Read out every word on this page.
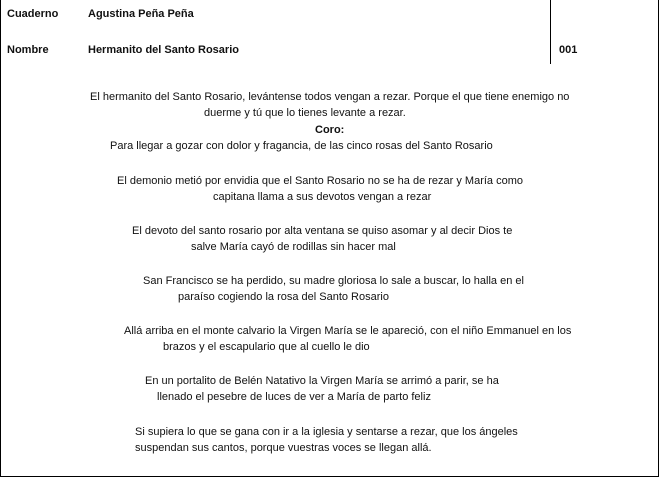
Cuaderno	Agustina Peña Peña
Nombre	Hermanito del Santo Rosario	001
El hermanito del Santo Rosario, levántense todos vengan a rezar. Porque el que tiene enemigo no
duerme y tú que lo tienes levante a rezar.
Coro:
Para llegar a gozar con dolor y fragancia, de las cinco rosas del Santo Rosario
El demonio metió por envidia que el Santo Rosario no se ha de rezar y María como
capitana llama a sus devotos vengan a rezar
El devoto del santo rosario por alta ventana se quiso asomar y al decir Dios te
salve María cayó de rodillas sin hacer mal
San Francisco se ha perdido, su madre gloriosa lo sale a buscar, lo halla en el
paraíso cogiendo la rosa del Santo Rosario
Allá arriba en el monte calvario la Virgen María se le apareció, con el niño Emmanuel en los
brazos y el escapulario que al cuello le dio
En un portalito de Belén Natativo la Virgen María se arrimó a parir, se ha
llenado el pesebre de luces de ver a María de parto feliz
Si supiera lo que se gana con ir a la iglesia y sentarse a rezar, que los ángeles
suspendan sus cantos, porque vuestras voces se llegan allá.
